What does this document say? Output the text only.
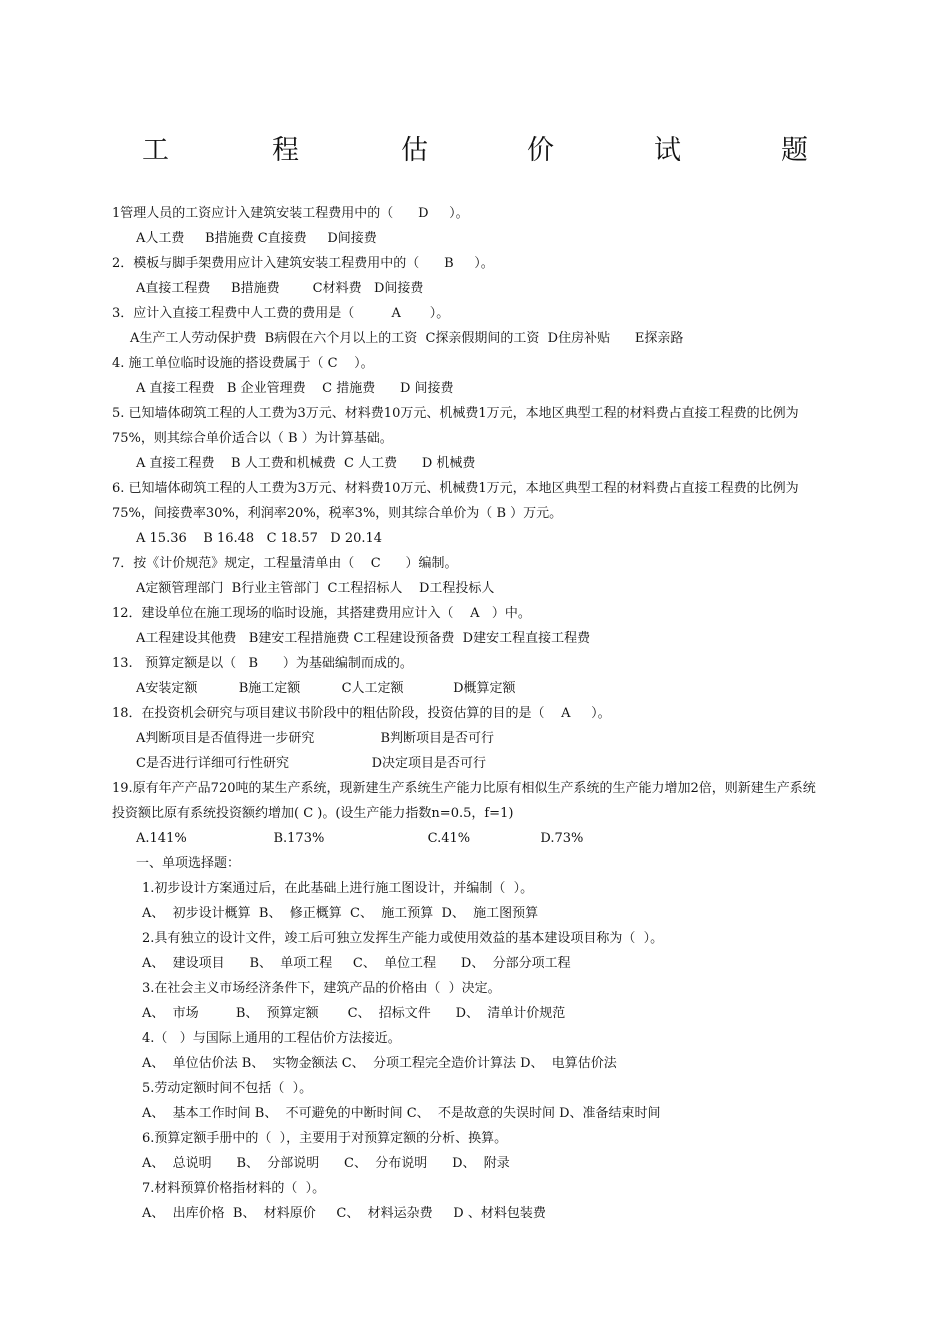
工	程	估	价	试	题
1管理人员的工资应计入建筑安装工程费用中的（      D     ）。
A人工费     B措施费 C直接费     D间接费
2．模板与脚手架费用应计入建筑安装工程费用中的（      B     ）。
A直接工程费     B措施费        C材料费   D间接费
3．应计入直接工程费中人工费的费用是（         A       ）。
A生产工人劳动保护费  B病假在六个月以上的工资  C探亲假期间的工资  D住房补贴      E探亲路
4. 施工单位临时设施的搭设费属于（ C    ）。
A 直接工程费   B 企业管理费    C 措施费      D 间接费
5. 已知墙体砌筑工程的人工费为3万元、材料费10万元、机械费1万元，本地区典型工程的材料费占直接工程费的比例为75%，则其综合单价适合以（ B ）为计算基础。
A 直接工程费    B 人工费和机械费  C 人工费      D 机械费
6. 已知墙体砌筑工程的人工费为3万元、材料费10万元、机械费1万元，本地区典型工程的材料费占直接工程费的比例为75%，间接费率30%，利润率20%，税率3%，则其综合单价为（ B ）万元。
A 15.36    B 16.48   C 18.57   D 20.14
7．按《计价规范》规定，工程量清单由（    C      ）编制。
A定额管理部门  B行业主管部门  C工程招标人    D工程投标人
12．建设单位在施工现场的临时设施，其搭建费用应计入（    A   ）中。
A工程建设其他费   B建安工程措施费 C工程建设预备费  D建安工程直接工程费
13.   预算定额是以（   B      ）为基础编制而成的。
A安装定额          B施工定额          C人工定额            D概算定额
18．在投资机会研究与项目建议书阶段中的粗估阶段，投资估算的目的是（    A     ）。
A判断项目是否值得进一步研究                B判断项目是否可行
C是否进行详细可行性研究                    D决定项目是否可行
19.原有年产产品720吨的某生产系统，现新建生产系统生产能力比原有相似生产系统的生产能力增加2倍，则新建生产系统投资额比原有系统投资额约增加( C )。(设生产能力指数n=0.5，f=1)
A.141%                     B.173%                         C.41%                 D.73%
一、单项选择题：
1.初步设计方案通过后，在此基础上进行施工图设计，并编制（  ）。
A、  初步设计概算  B、  修正概算  C、  施工预算  D、  施工图预算
2.具有独立的设计文件，竣工后可独立发挥生产能力或使用效益的基本建设项目称为（  ）。
A、  建设项目      B、  单项工程     C、  单位工程      D、  分部分项工程
3.在社会主义市场经济条件下，建筑产品的价格由（  ）决定。
A、  市场         B、  预算定额       C、  招标文件      D、  清单计价规范
4.（   ）与国际上通用的工程估价方法接近。
A、  单位估价法 B、  实物金额法 C、  分项工程完全造价计算法 D、  电算估价法
5.劳动定额时间不包括（  ）。
A、  基本工作时间 B、  不可避免的中断时间 C、  不是故意的失误时间 D、准备结束时间
6.预算定额手册中的（  ），主要用于对预算定额的分析、换算。
A、  总说明      B、  分部说明      C、  分布说明      D、  附录
7.材料预算价格指材料的（  ）。
A、  出库价格  B、  材料原价     C、  材料运杂费     D 、材料包装费
